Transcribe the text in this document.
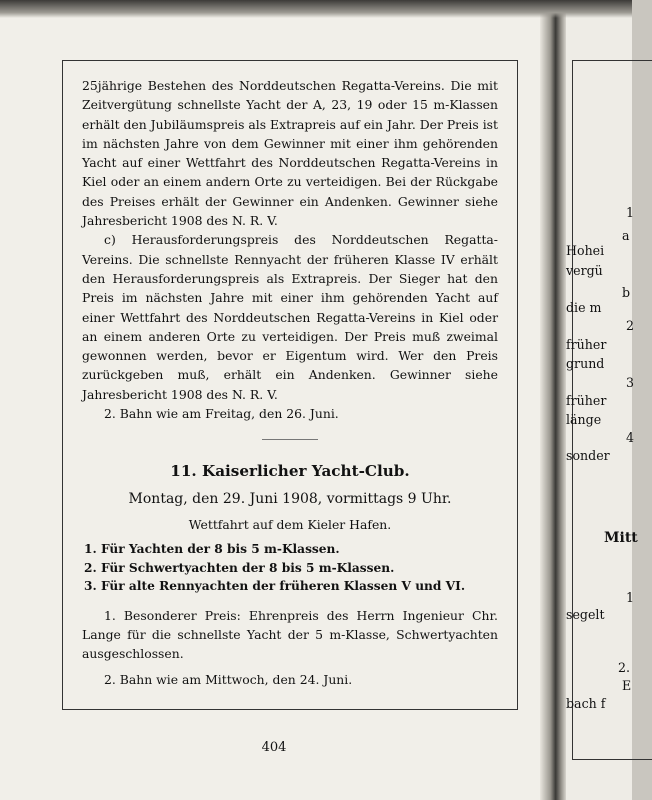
1
a
Hohei
vergü
b
die m
2
früher
grund
3
früher
länge
4
sonder
Mitt
1
segelt
2.
E
bach f

25jährige Bestehen des Norddeutschen Regatta-Vereins. Die mit Zeitvergütung schnellste Yacht der A, 23, 19 oder 15 m-Klassen erhält den Jubiläumspreis als Extrapreis auf ein Jahr. Der Preis ist im nächsten Jahre von dem Gewinner mit einer ihm gehörenden Yacht auf einer Wettfahrt des Norddeutschen Regatta-Vereins in Kiel oder an einem andern Orte zu verteidigen. Bei der Rückgabe des Preises erhält der Gewinner ein Andenken. Gewinner siehe Jahresbericht 1908 des N. R. V.

c) Herausforderungspreis des Norddeutschen Regatta-Vereins. Die schnellste Rennyacht der früheren Klasse IV erhält den Herausforderungspreis als Extrapreis. Der Sieger hat den Preis im nächsten Jahre mit einer ihm gehörenden Yacht auf einer Wettfahrt des Norddeutschen Regatta-Vereins in Kiel oder an einem anderen Orte zu verteidigen. Der Preis muß zweimal gewonnen werden, bevor er Eigentum wird. Wer den Preis zurückgeben muß, erhält ein Andenken. Gewinner siehe Jahresbericht 1908 des N. R. V.

2. Bahn wie am Freitag, den 26. Juni.

11. Kaiserlicher Yacht-Club.
Montag, den 29. Juni 1908, vormittags 9 Uhr.
Wettfahrt auf dem Kieler Hafen.
1. Für Yachten der 8 bis 5 m-Klassen.
2. Für Schwertyachten der 8 bis 5 m-Klassen.
3. Für alte Rennyachten der früheren Klassen V und VI.

1. Besonderer Preis: Ehrenpreis des Herrn Ingenieur Chr. Lange für die schnellste Yacht der 5 m-Klasse, Schwertyachten ausgeschlossen.

2. Bahn wie am Mittwoch, den 24. Juni.

404
